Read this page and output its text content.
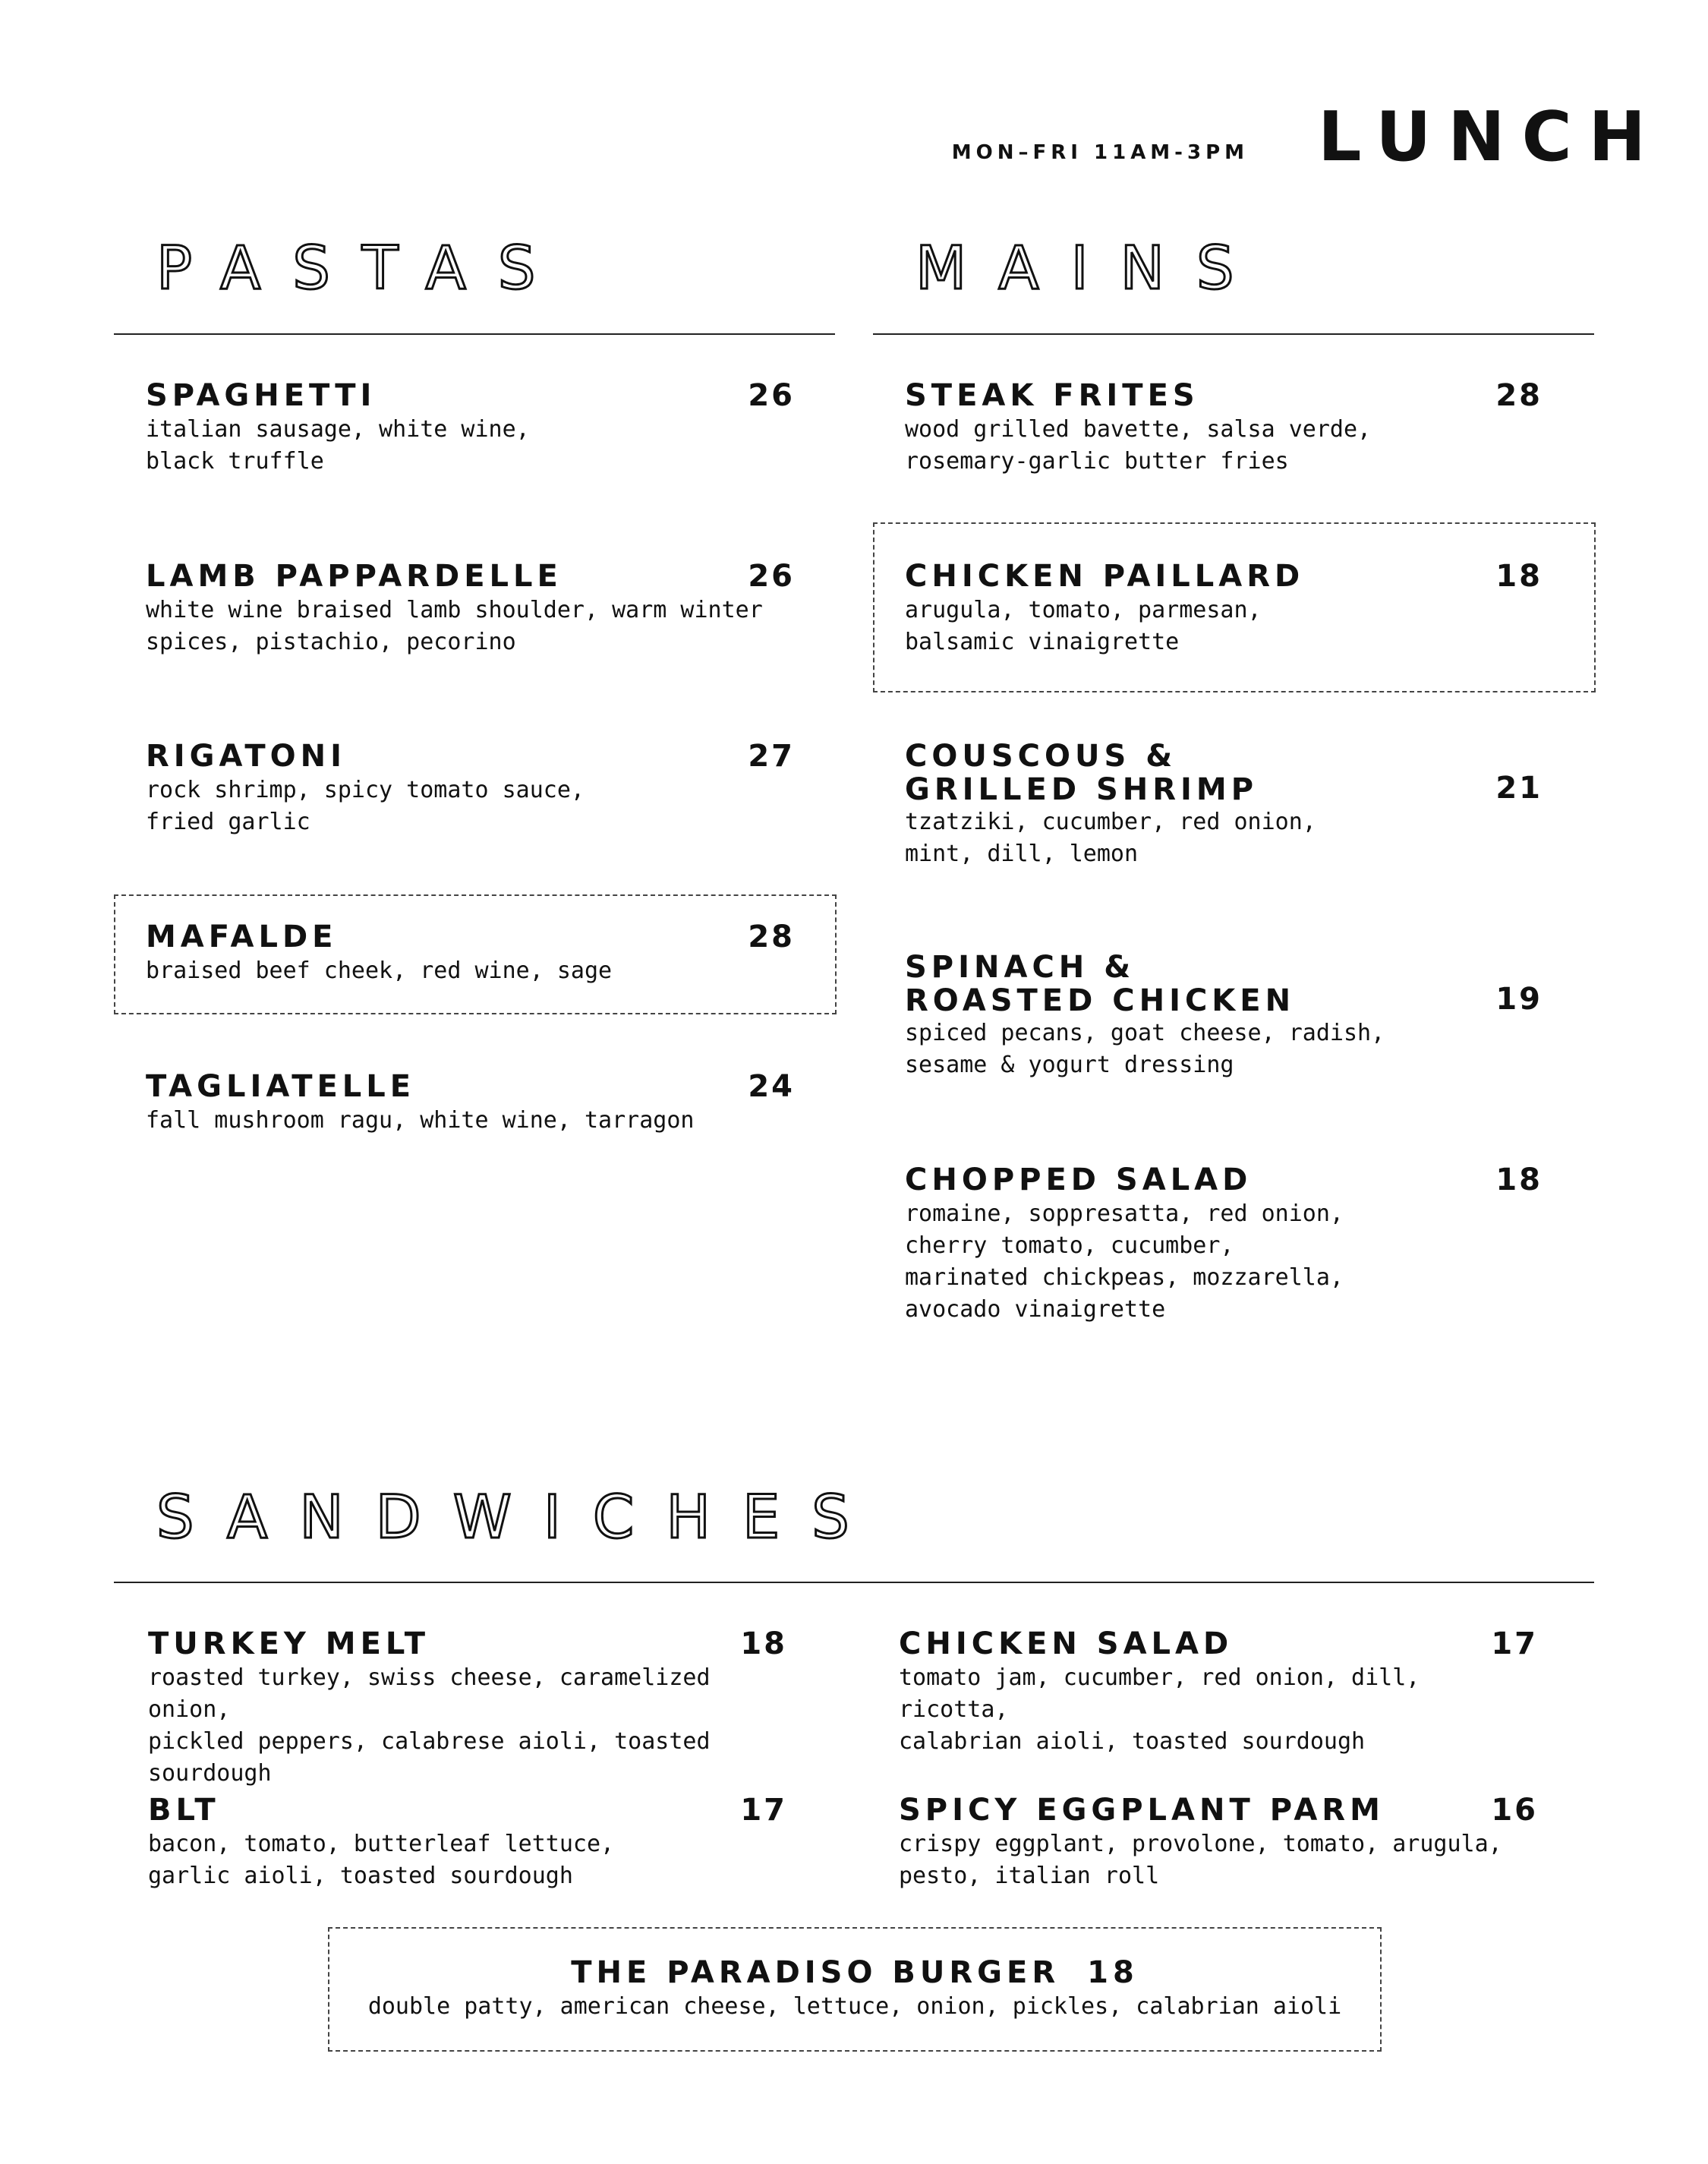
MON–FRI 11AM-3PM LUNCH
PASTAS	MAINS
SANDWICHES
SPAGHETTI	26
italian sausage, white wine,
black truffle
LAMB PAPPARDELLE	26
white wine braised lamb shoulder, warm winter
spices, pistachio, pecorino
RIGATONI	27
rock shrimp, spicy tomato sauce,
fried garlic
MAFALDE	28
braised beef cheek, red wine, sage
TAGLIATELLE	24
fall mushroom ragu, white wine, tarragon
STEAK FRITES	28
wood grilled bavette, salsa verde,
rosemary-garlic butter fries
CHICKEN PAILLARD	18
arugula, tomato, parmesan,
balsamic vinaigrette
COUSCOUS &
GRILLED SHRIMP	21
tzatziki, cucumber, red onion,
mint, dill, lemon
SPINACH &
ROASTED CHICKEN	19
spiced pecans, goat cheese, radish,
sesame & yogurt dressing
CHOPPED SALAD	18
romaine, soppresatta, red onion,
cherry tomato, cucumber,
marinated chickpeas, mozzarella,
avocado vinaigrette
TURKEY MELT	18
roasted turkey, swiss cheese, caramelized onion,
pickled peppers, calabrese aioli, toasted sourdough
CHICKEN SALAD	17
tomato jam, cucumber, red onion, dill, ricotta,
calabrian aioli, toasted sourdough
BLT	17
bacon, tomato, butterleaf lettuce,
garlic aioli, toasted sourdough
SPICY EGGPLANT PARM	16
crispy eggplant, provolone, tomato, arugula,
pesto, italian roll
THE PARADISO BURGER 18
double patty, american cheese, lettuce, onion, pickles, calabrian aioli
